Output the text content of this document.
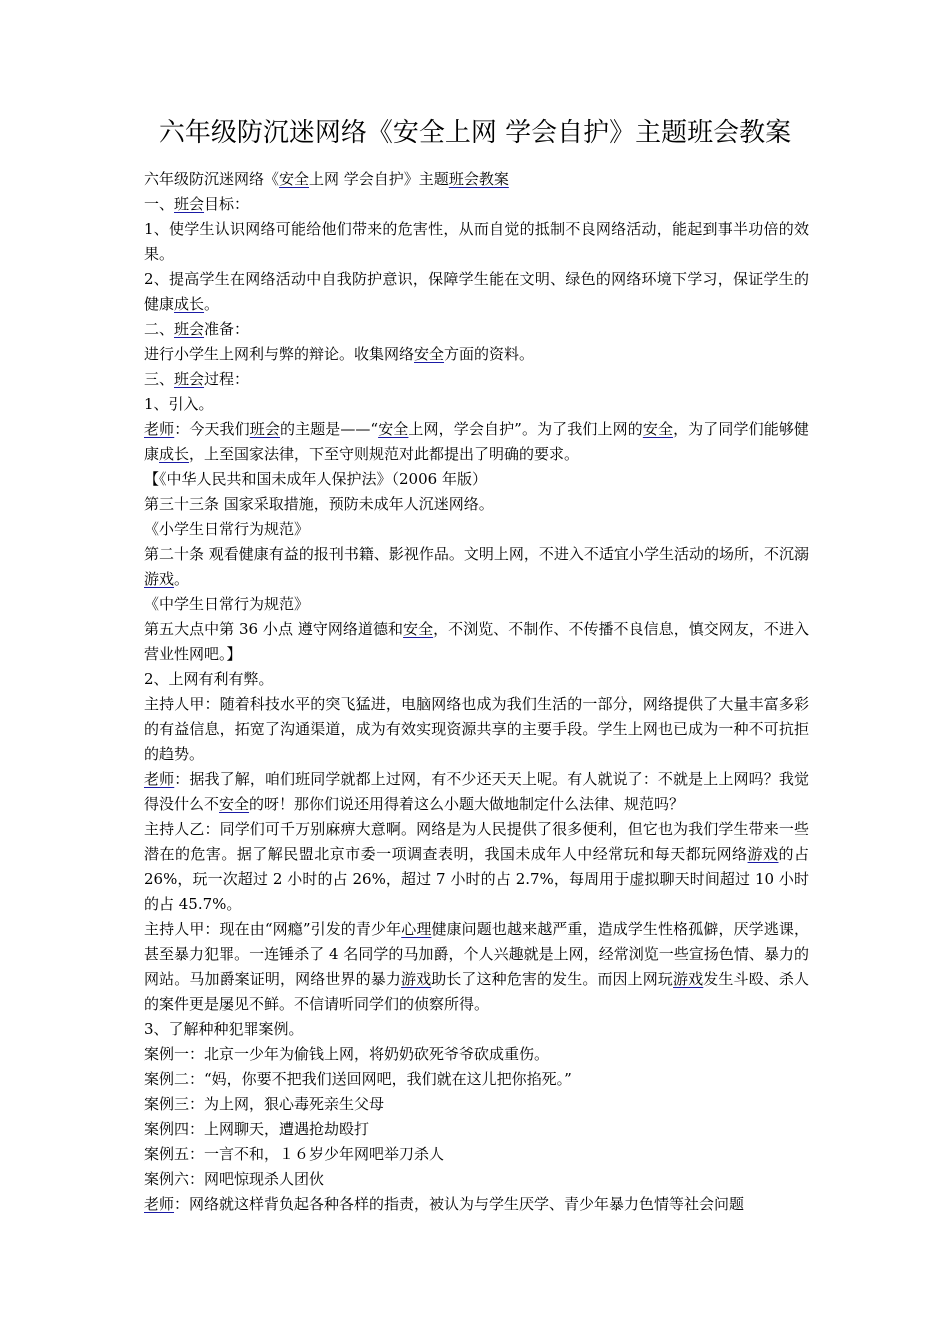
六年级防沉迷网络《安全上网 学会自护》主题班会教案

六年级防沉迷网络《安全上网 学会自护》主题班会教案

一、班会目标：

1、使学生认识网络可能给他们带来的危害性，从而自觉的抵制不良网络活动，能起到事半功倍的效果。

2、提高学生在网络活动中自我防护意识，保障学生能在文明、绿色的网络环境下学习，保证学生的健康成长。

二、班会准备：

进行小学生上网利与弊的辩论。收集网络安全方面的资料。

三、班会过程：

1、引入。

老师：今天我们班会的主题是——“安全上网，学会自护”。为了我们上网的安全，为了同学们能够健康成长，上至国家法律，下至守则规范对此都提出了明确的要求。

【《中华人民共和国未成年人保护法》（2006 年版）

第三十三条 国家采取措施，预防未成年人沉迷网络。

《小学生日常行为规范》

第二十条 观看健康有益的报刊书籍、影视作品。文明上网，不进入不适宜小学生活动的场所，不沉溺游戏。

《中学生日常行为规范》

第五大点中第 36 小点 遵守网络道德和安全，不浏览、不制作、不传播不良信息，慎交网友，不进入营业性网吧。】

2、上网有利有弊。

主持人甲：随着科技水平的突飞猛进，电脑网络也成为我们生活的一部分，网络提供了大量丰富多彩的有益信息，拓宽了沟通渠道，成为有效实现资源共享的主要手段。学生上网也已成为一种不可抗拒的趋势。

老师：据我了解，咱们班同学就都上过网，有不少还天天上呢。有人就说了：不就是上上网吗？我觉得没什么不安全的呀！那你们说还用得着这么小题大做地制定什么法律、规范吗？

主持人乙：同学们可千万别麻痹大意啊。网络是为人民提供了很多便利，但它也为我们学生带来一些潜在的危害。据了解民盟北京市委一项调查表明，我国未成年人中经常玩和每天都玩网络游戏的占 26%，玩一次超过 2 小时的占 26%，超过 7 小时的占 2.7%，每周用于虚拟聊天时间超过 10 小时的占 45.7%。

主持人甲：现在由“网瘾”引发的青少年心理健康问题也越来越严重，造成学生性格孤僻，厌学逃课，甚至暴力犯罪。一连锤杀了 4 名同学的马加爵，个人兴趣就是上网，经常浏览一些宣扬色情、暴力的网站。马加爵案证明，网络世界的暴力游戏助长了这种危害的发生。而因上网玩游戏发生斗殴、杀人的案件更是屡见不鲜。不信请听同学们的侦察所得。

3、了解种种犯罪案例。

案例一：北京一少年为偷钱上网，将奶奶砍死爷爷砍成重伤。

案例二：“妈，你要不把我们送回网吧，我们就在这儿把你掐死。”

案例三：为上网，狠心毒死亲生父母

案例四：上网聊天，遭遇抢劫殴打

案例五：一言不和，１６岁少年网吧举刀杀人

案例六：网吧惊现杀人团伙

老师：网络就这样背负起各种各样的指责，被认为与学生厌学、青少年暴力色情等社会问题
